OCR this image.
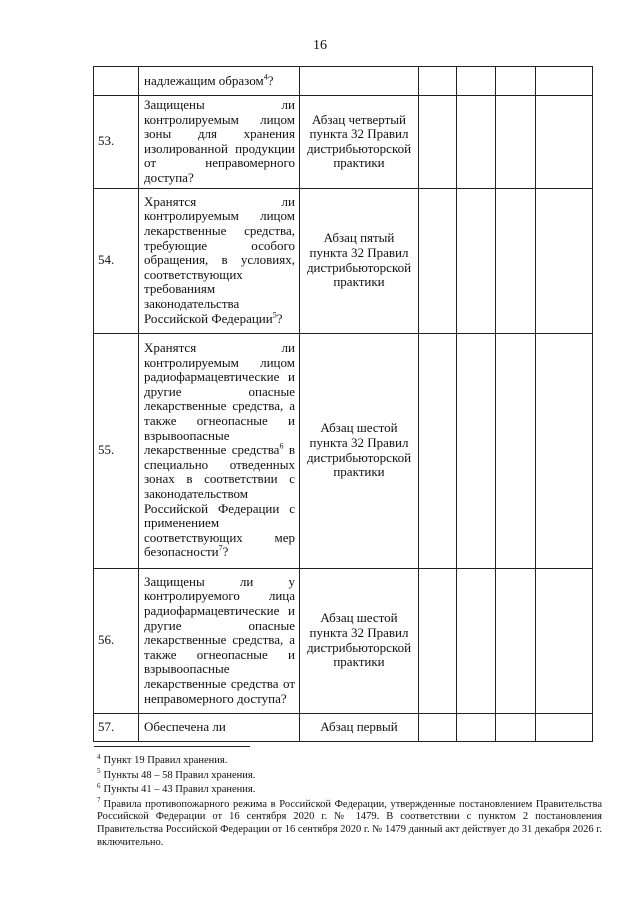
16
	надлежащим образом$^4$?					
53.	Защищены ли контролируемым лицом зоны для хранения изолированной продукции от неправомерного доступа?	Абзац четвертый пункта 32 Правил дистрибьюторской практики				
54.	Хранятся ли контролируемым лицом лекарственные средства, требующие особого обращения, в условиях, соответствующих требованиям законодательства Российской Федерации$^5$?	Абзац пятый пункта 32 Правил дистрибьюторской практики				
55.	Хранятся ли контролируемым лицом радиофармацевтические и другие опасные лекарственные средства, а также огнеопасные и взрывоопасные лекарственные средства$^6$ в специально отведенных зонах в соответствии с законодательством Российской Федерации с применением соответствующих мер безопасности$^7$?	Абзац шестой пункта 32 Правил дистрибьюторской практики				
56.	Защищены ли у контролируемого лица радиофармацевтические и другие опасные лекарственные средства, а также огнеопасные и взрывоопасные лекарственные средства от неправомерного доступа?	Абзац шестой пункта 32 Правил дистрибьюторской практики				
57.	Обеспечена ли	Абзац первый				
$^4$ Пункт 19 Правил хранения.
$^5$ Пункты 48 – 58 Правил хранения.
$^6$ Пункты 41 – 43 Правил хранения.
$^7$ Правила противопожарного режима в Российской Федерации, утвержденные постановлением Правительства Российской Федерации от 16 сентября 2020 г. № 1479. В соответствии с пунктом 2 постановления Правительства Российской Федерации от 16 сентября 2020 г. № 1479 данный акт действует до 31 декабря 2026 г. включительно.
